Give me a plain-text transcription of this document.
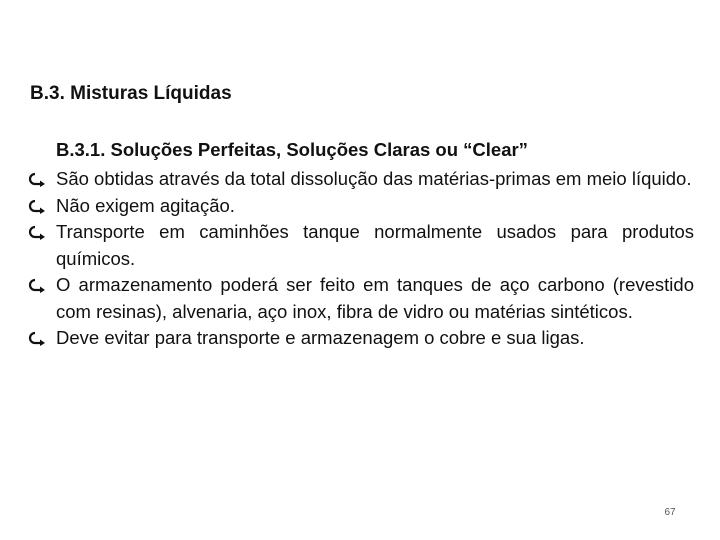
B.3. Misturas Líquidas
B.3.1. Soluções Perfeitas, Soluções Claras ou “Clear”
São obtidas através da total dissolução das matérias-primas em meio líquido.
Não exigem agitação.
Transporte em caminhões tanque normalmente usados para produtos químicos.
O armazenamento poderá ser feito em tanques de aço carbono (revestido com resinas), alvenaria, aço inox, fibra de vidro ou matérias sintéticos.
Deve evitar para transporte e armazenagem o cobre e sua ligas.
67
